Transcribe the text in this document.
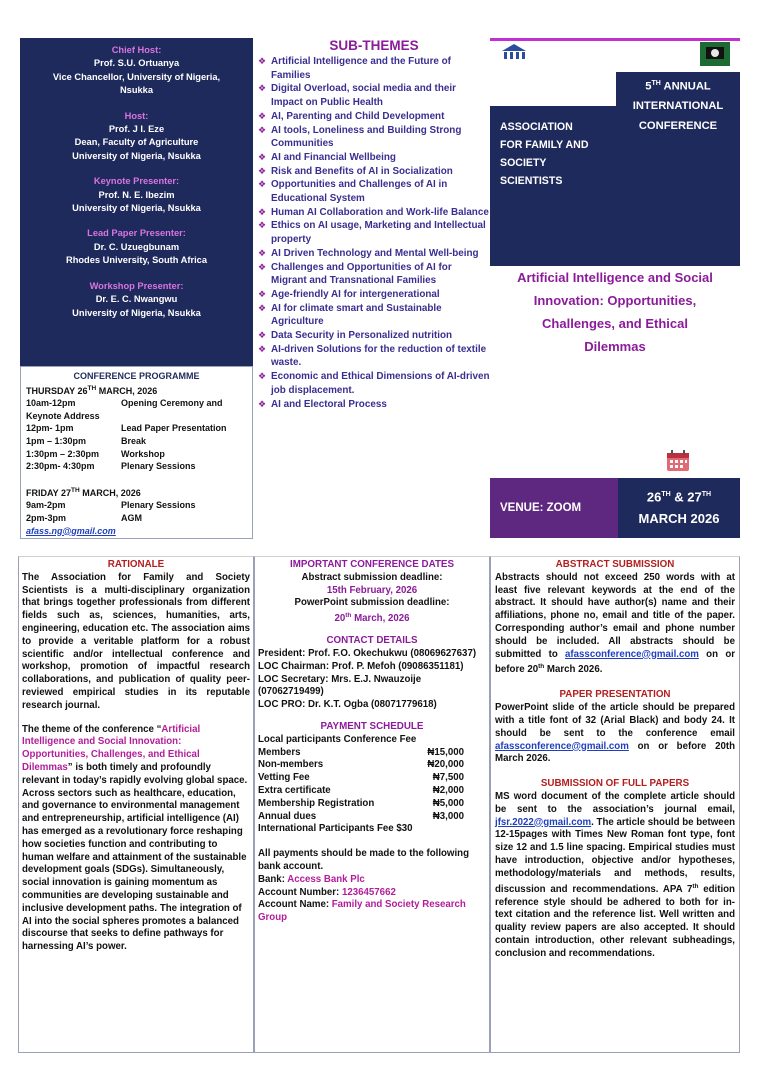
Chief Host:
Prof. S.U. Ortuanya
Vice Chancellor, University of Nigeria,
Nsukka
Host:
Prof. J I. Eze
Dean, Faculty of Agriculture
University of Nigeria, Nsukka
Keynote Presenter:
Prof. N. E. Ibezim
University of Nigeria, Nsukka
Lead Paper Presenter:
Dr. C. Uzuegbunam
Rhodes University, South Africa
Workshop Presenter:
Dr. E. C. Nwangwu
University of Nigeria, Nsukka
CONFERENCE PROGRAMME
THURSDAY 26TH MARCH, 2026
10am-12pm	Opening Ceremony and
Keynote Address
12pm- 1pm	Lead Paper Presentation
1pm – 1:30pm	Break
1:30pm – 2:30pm	Workshop
2:30pm- 4:30pm	Plenary Sessions
FRIDAY 27TH MARCH, 2026
9am-2pm	Plenary Sessions
2pm-3pm	AGM
afass.ng@gmail.com
SUB-THEMES
❖ Artificial Intelligence and the Future of Families
❖ Digital Overload, social media and their Impact on Public Health
❖ AI, Parenting and Child Development
❖ AI tools, Loneliness and Building Strong Communities
❖ AI and Financial Wellbeing
❖ Risk and Benefits of AI in Socialization
❖ Opportunities and Challenges of AI in Educational System
❖ Human AI Collaboration and Work-life Balance
❖ Ethics on AI usage, Marketing and Intellectual property
❖ AI Driven Technology and Mental Well-being
❖ Challenges and Opportunities of AI for Migrant and Transnational Families
❖ Age-friendly AI for intergenerational
❖ AI for climate smart and Sustainable Agriculture
❖ Data Security in Personalized nutrition
❖ AI-driven Solutions for the reduction of textile waste.
❖ Economic and Ethical Dimensions of AI-driven job displacement.
❖ AI and Electoral Process
ASSOCIATION
FOR FAMILY AND
SOCIETY
SCIENTISTS
5TH ANNUAL
INTERNATIONAL
CONFERENCE
Artificial Intelligence and Social Innovation: Opportunities, Challenges, and Ethical Dilemmas
VENUE: ZOOM
26TH & 27TH
MARCH 2026
RATIONALE

The Association for Family and Society Scientists is a multi-disciplinary organization that brings together professionals from different fields such as, sciences, humanities, arts, engineering, education etc. The association aims to provide a veritable platform for a robust scientific and/or intellectual conference and workshop, promotion of impactful research collaborations, and publication of quality peer-reviewed empirical studies in its reputable research journal.

The theme of the conference “Artificial Intelligence and Social Innovation: Opportunities, Challenges, and Ethical Dilemmas” is both timely and profoundly relevant in today’s rapidly evolving global space. Across sectors such as healthcare, education, and governance to environmental management and entrepreneurship, artificial intelligence (AI) has emerged as a revolutionary force reshaping how societies function and contributing to human welfare and attainment of the sustainable development goals (SDGs). Simultaneously, social innovation is gaining momentum as communities are developing sustainable and inclusive development paths. The integration of AI into the social spheres promotes a balanced discourse that seeks to define pathways for harnessing AI’s power.

IMPORTANT CONFERENCE DATES
Abstract submission deadline:
15th February, 2026
PowerPoint submission deadline:
20th March, 2026
CONTACT DETAILS
President: Prof. F.O. Okechukwu (08069627637)
LOC Chairman: Prof. P. Mefoh (09086351181)
LOC Secretary: Mrs. E.J. Nwauzoije (07062719499)
LOC PRO: Dr. K.T. Ogba (08071779618)
PAYMENT SCHEDULE
Local participants Conference Fee
Members	₦15,000
Non-members	₦20,000
Vetting Fee	₦7,500
Extra certificate	₦2,000
Membership Registration	₦5,000
Annual dues	₦3,000
International Participants Fee $30
All payments should be made to the following bank account.
Bank: Access Bank Plc
Account Number: 1236457662
Account Name: Family and Society Research Group
ABSTRACT SUBMISSION

Abstracts should not exceed 250 words with at least five relevant keywords at the end of the abstract. It should have author(s) name and their affiliations, phone no, email and title of the paper. Corresponding author’s email and phone number should be included. All abstracts should be submitted to afassconference@gmail.com on or before 20th March 2026.

PAPER PRESENTATION

PowerPoint slide of the article should be prepared with a title font of 32 (Arial Black) and body 24. It should be sent to the conference email afassconference@gmail.com on or before 20th March 2026.

SUBMISSION OF FULL PAPERS

MS word document of the complete article should be sent to the association’s journal email, jfsr.2022@gmail.com. The article should be between 12-15pages with Times New Roman font type, font size 12 and 1.5 line spacing. Empirical studies must have introduction, objective and/or hypotheses, methodology/materials and methods, results, discussion and recommendations. APA 7th edition reference style should be adhered to both for in-text citation and the reference list. Well written and quality review papers are also accepted. It should contain introduction, other relevant subheadings, conclusion and recommendations.
